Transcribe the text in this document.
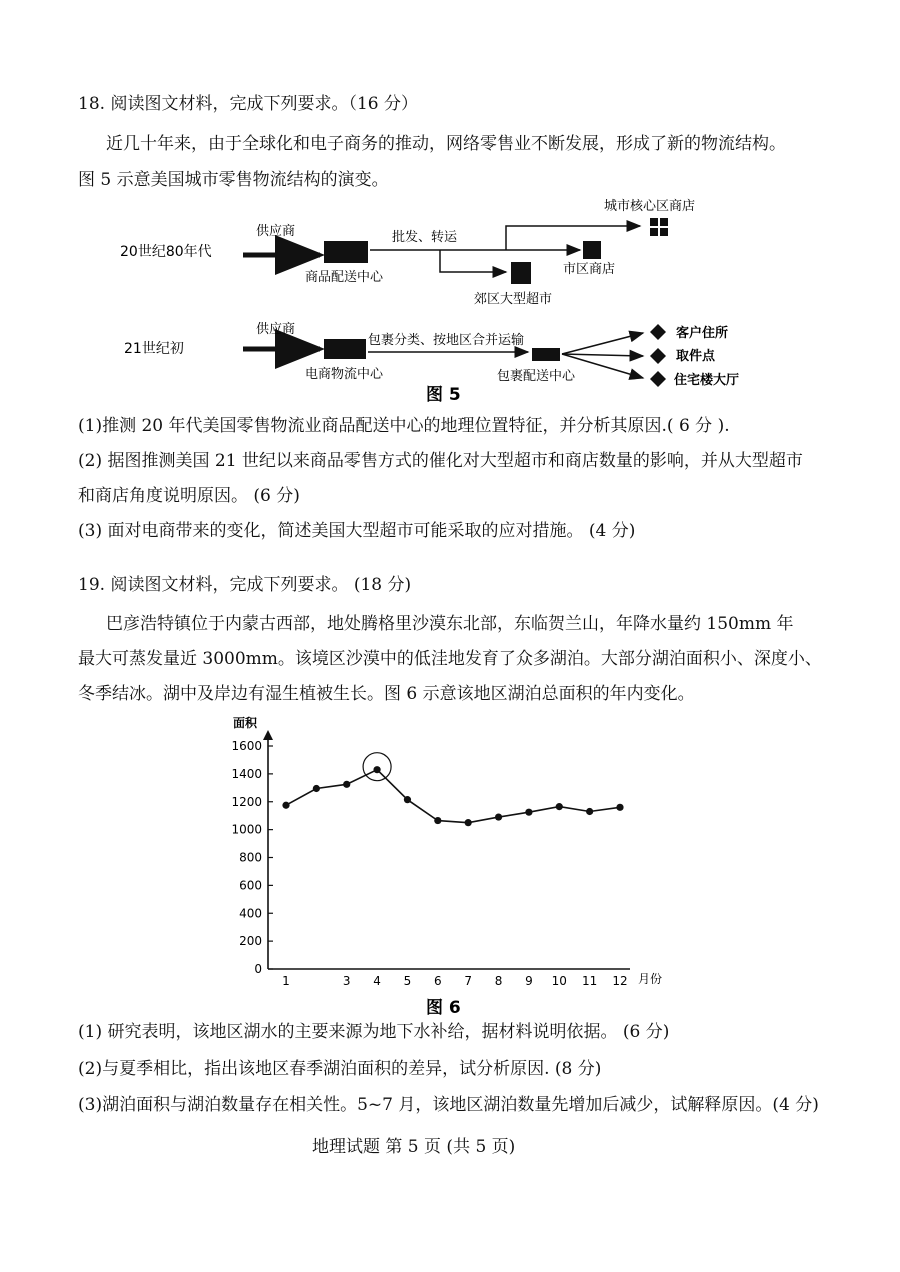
18. 阅读图文材料，完成下列要求。（16 分）
近几十年来，由于全球化和电子商务的推动，网络零售业不断发展，形成了新的物流结构。
图 5 示意美国城市零售物流结构的演变。
20世纪80年代
供应商
商品配送中心
批发、转运
城市核心区商店
市区商店
郊区大型超市
21世纪初
供应商
电商物流中心
包裹分类、按地区合并运输
包裹配送中心
客户住所
取件点
住宅楼大厅
图 5
(1)推测 20 年代美国零售物流业商品配送中心的地理位置特征，并分析其原因.( 6 分 ).
(2) 据图推测美国 21 世纪以来商品零售方式的催化对大型超市和商店数量的影响，并从大型超市
和商店角度说明原因。 (6 分)
(3) 面对电商带来的变化，简述美国大型超市可能采取的应对措施。 (4 分)
19. 阅读图文材料，完成下列要求。 (18 分)
巴彦浩特镇位于内蒙古西部，地处腾格里沙漠东北部，东临贺兰山，年降水量约 150mm 年
最大可蒸发量近 3000mm。该境区沙漠中的低洼地发育了众多湖泊。大部分湖泊面积小、深度小、
冬季结冰。湖中及岸边有湿生植被生长。图 6 示意该地区湖泊总面积的年内变化。
0
200
400
600
800
1000
1200
1400
1600
1	3 4 5 6 7 8 9 10 11 12
面积
月份
图 6
(1) 研究表明，该地区湖水的主要来源为地下水补给，据材料说明依据。 (6 分)
(2)与夏季相比，指出该地区春季湖泊面积的差异，试分析原因. (8 分)
(3)湖泊面积与湖泊数量存在相关性。5~7 月，该地区湖泊数量先增加后减少，试解释原因。(4 分)
地理试题 第 5 页 (共 5 页)
